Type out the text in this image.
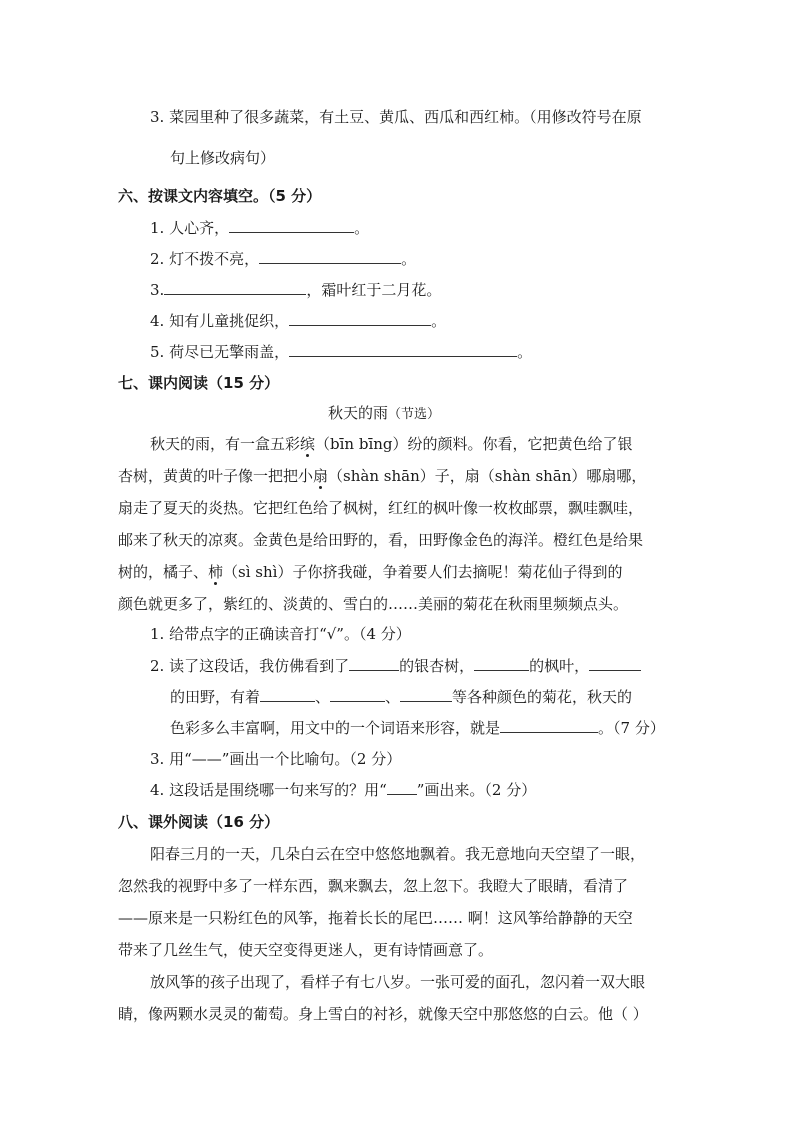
3. 菜园里种了很多蔬菜，有土豆、黄瓜、西瓜和西红柿。（用修改符号在原
句上修改病句）
六、按课文内容填空。（5 分）
1. 人心齐，	。
2. 灯不拨不亮，	。
3.	，霜叶红于二月花。
4. 知有儿童挑促织，	。
5. 荷尽已无擎雨盖，	。
七、课内阅读（15 分）
秋天的雨（节选）
秋天的雨，有一盒五彩缤（bīn bīng）纷的颜料。你看，它把黄色给了银
杏树，黄黄的叶子像一把把小扇（shàn shān）子，扇（shàn shān）哪扇哪，
扇走了夏天的炎热。它把红色给了枫树，红红的枫叶像一枚枚邮票，飘哇飘哇，
邮来了秋天的凉爽。金黄色是给田野的，看，田野像金色的海洋。橙红色是给果
树的，橘子、柿（sì shì）子你挤我碰，争着要人们去摘呢！菊花仙子得到的
颜色就更多了，紫红的、淡黄的、雪白的……美丽的菊花在秋雨里频频点头。
1. 给带点字的正确读音打“√”。（4 分）
2. 读了这段话，我仿佛看到了	的银杏树，	的枫叶，
的田野，有着	、	、	等各种颜色的菊花，秋天的
色彩多么丰富啊，用文中的一个词语来形容，就是	。（7 分）
3. 用“——”画出一个比喻句。（2 分）
4. 这段话是围绕哪一句来写的？用“ ”画出来。（2 分）
八、课外阅读（16 分）
阳春三月的一天，几朵白云在空中悠悠地飘着。我无意地向天空望了一眼，
忽然我的视野中多了一样东西，飘来飘去，忽上忽下。我瞪大了眼睛，看清了
——原来是一只粉红色的风筝，拖着长长的尾巴…… 啊！这风筝给静静的天空
带来了几丝生气，使天空变得更迷人，更有诗情画意了。
放风筝的孩子出现了，看样子有七八岁。一张可爱的面孔，忽闪着一双大眼
睛，像两颗水灵灵的葡萄。身上雪白的衬衫，就像天空中那悠悠的白云。他（ ）
